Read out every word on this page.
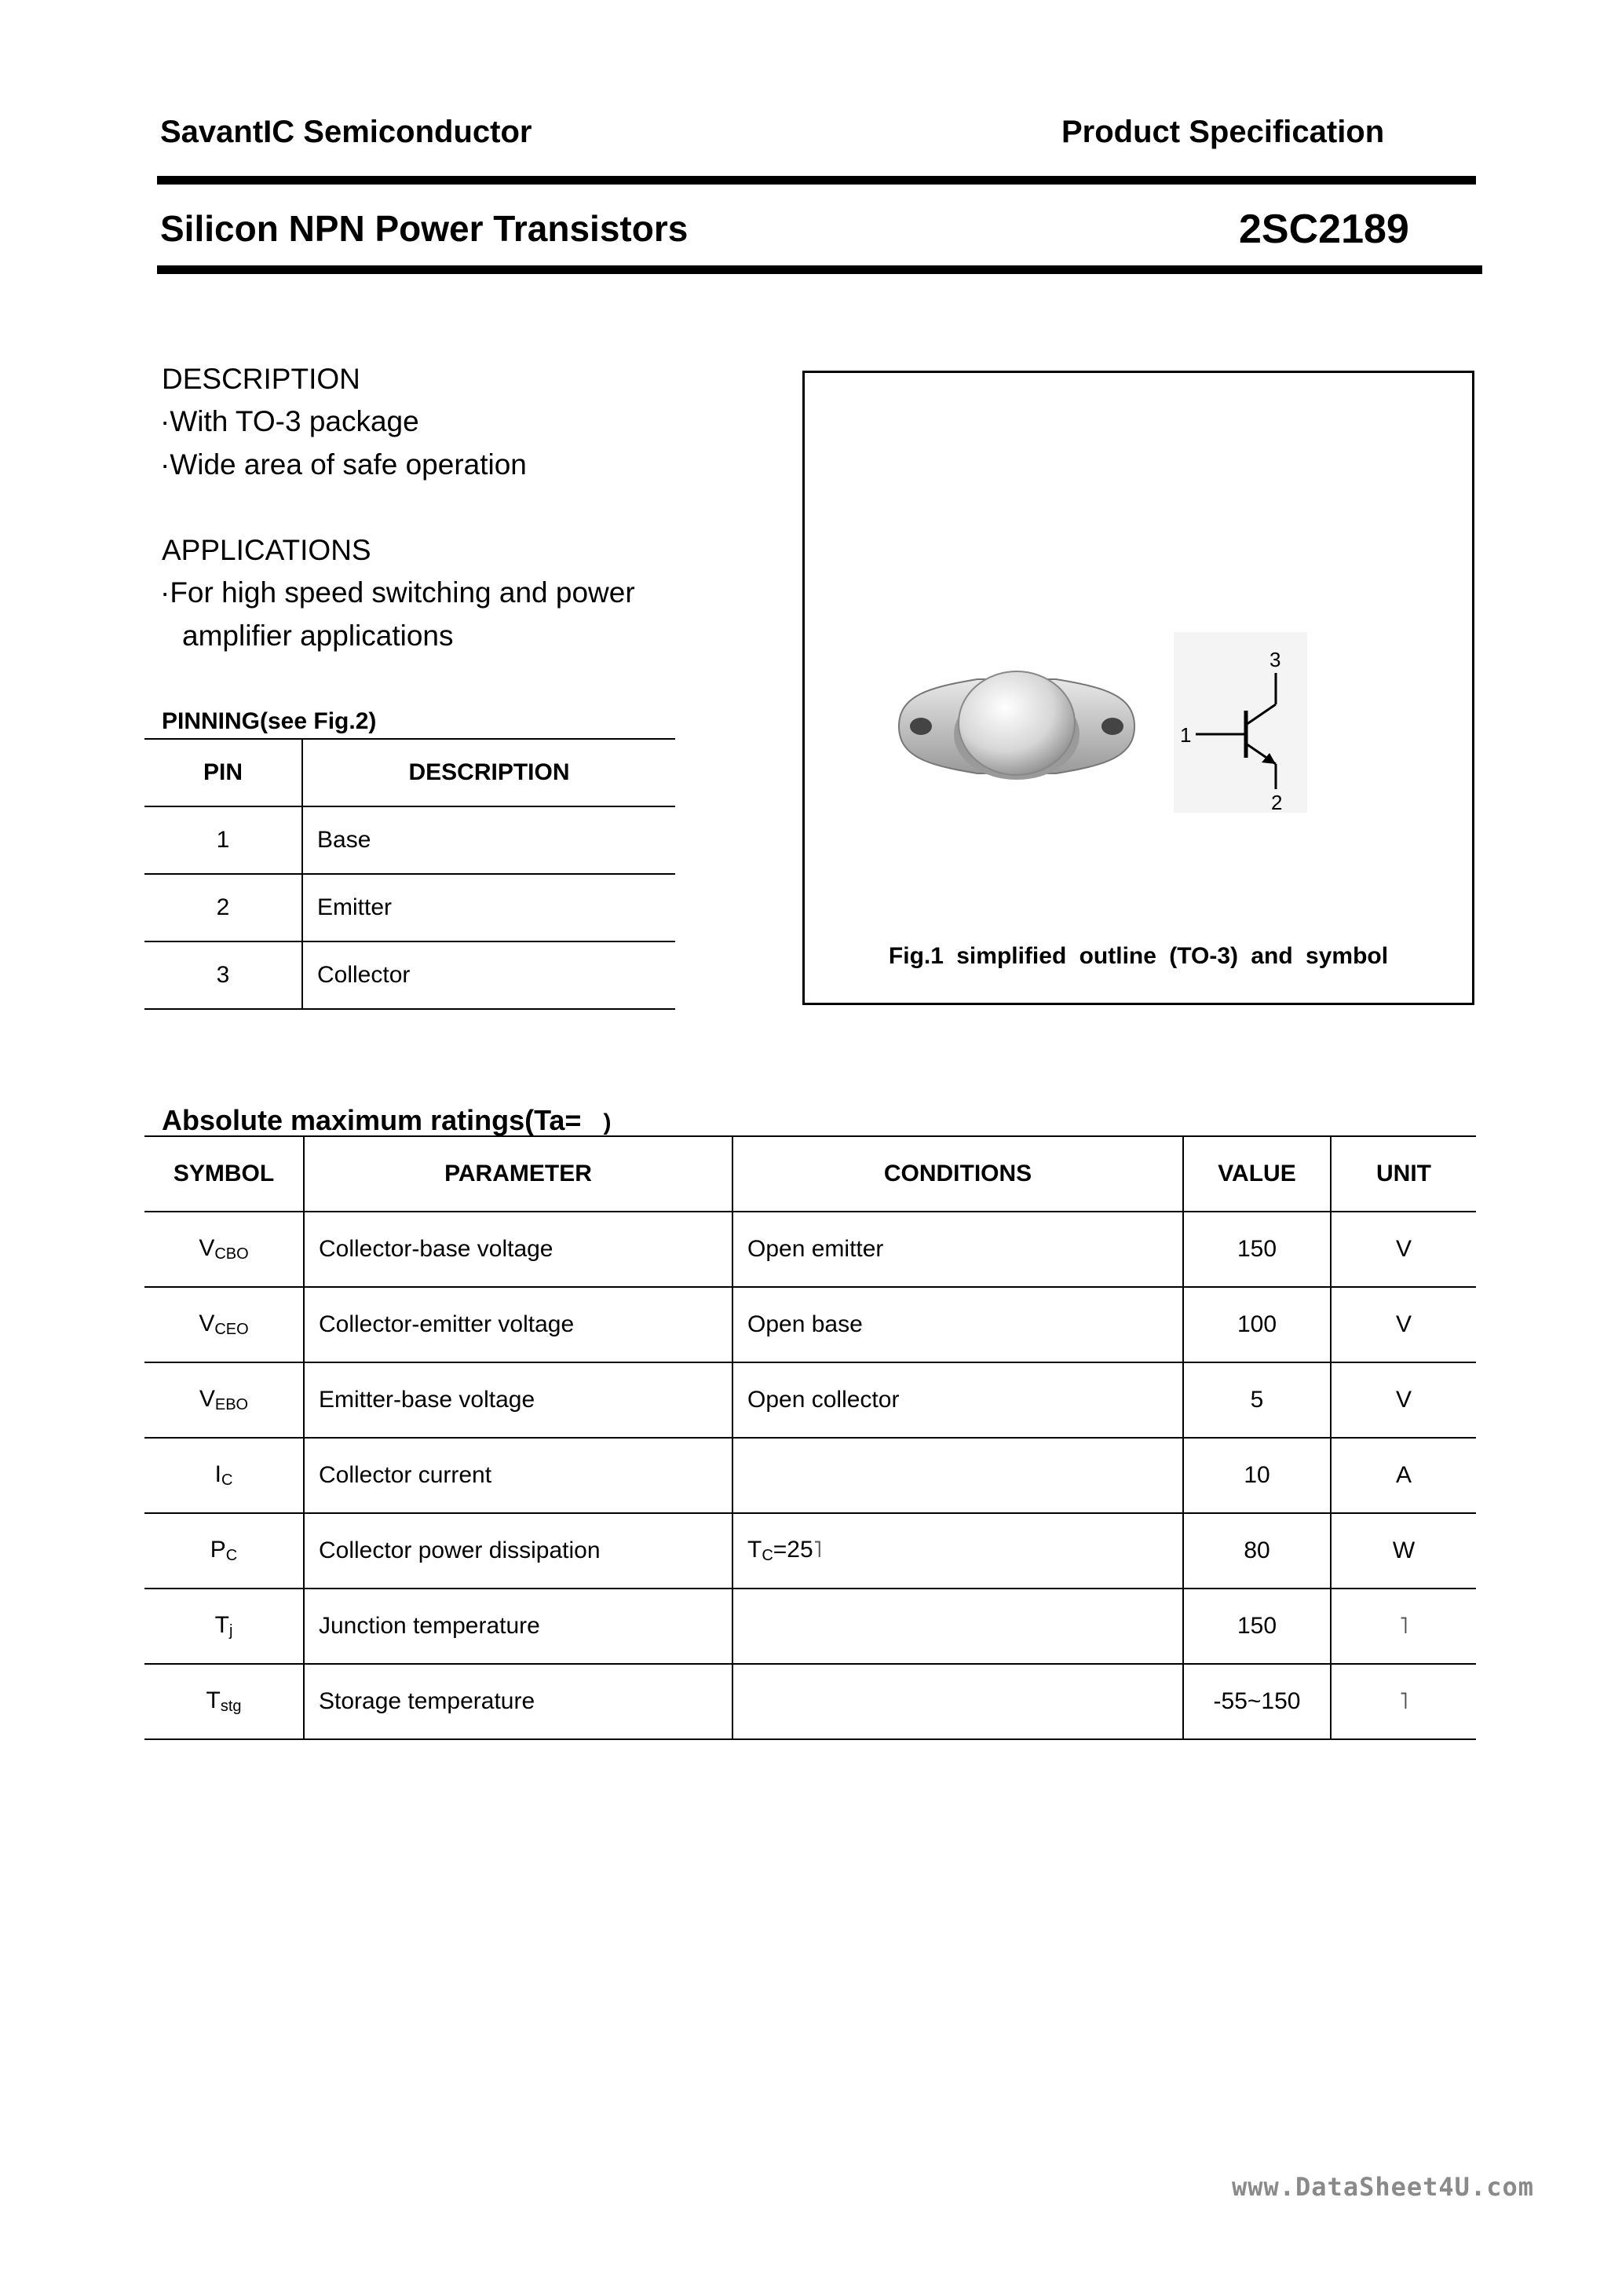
SavantIC Semiconductor	Product Specification
Silicon NPN Power Transistors	2SC2189
DESCRIPTION
·With TO-3 package
·Wide area of safe operation
APPLICATIONS
·For high speed switching and power
amplifier applications
PINNING(see Fig.2)
PIN	DESCRIPTION
1	Base
2	Emitter
3	Collector
1
2
3
Fig.1 simplified outline (TO-3) and symbol
Absolute maximum ratings(Ta= )
SYMBOL	PARAMETER	CONDITIONS	VALUE	UNIT
$V_{CBO}$	Collector-base voltage	Open emitter	150	V
$V_{CEO}$	Collector-emitter voltage	Open base	100	V
$V_{EBO}$	Emitter-base voltage	Open collector	5	V
$I_C$	Collector current		10	A
$P_C$	Collector power dissipation	$T_C=25˥$	80	W
$T_j$	Junction temperature		150	˥
$T_{stg}$	Storage temperature		-55~150	˥
www.DataSheet4U.com
